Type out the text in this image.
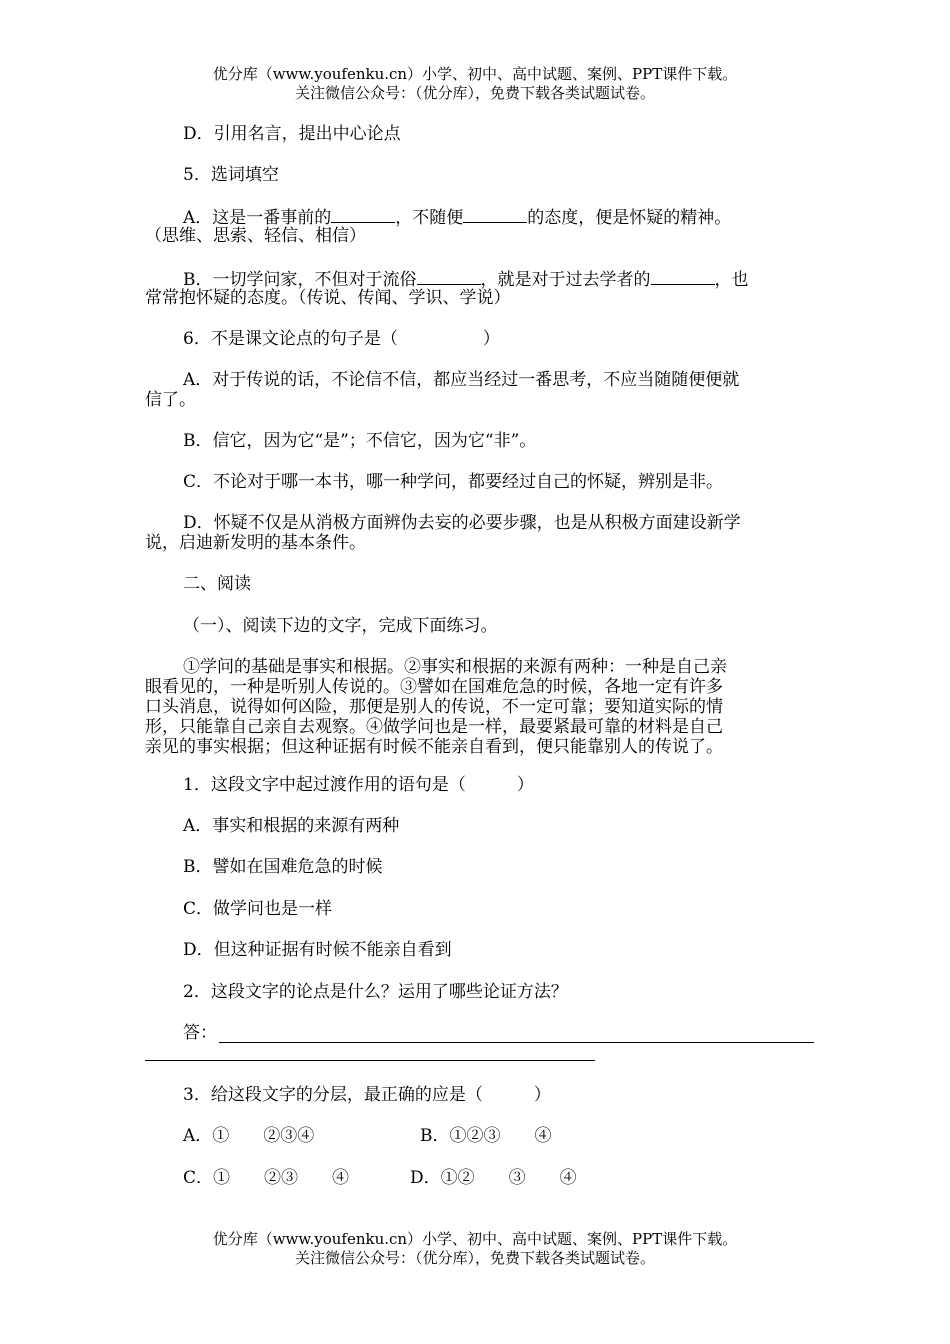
优分库（www.youfenku.cn）小学、初中、高中试题、案例、PPT课件下载。
关注微信公众号：（优分库），免费下载各类试题试卷。
D．引用名言，提出中心论点
5．选词填空
A．这是一番事前的	，不随便	的态度，便是怀疑的精神。
（思维、思索、轻信、相信）
B．一切学问家，不但对于流俗	，就是对于过去学者的	，也
常常抱怀疑的态度。（传说、传闻、学识、学说）
6．不是课文论点的句子是（　　　　　）
A．对于传说的话，不论信不信，都应当经过一番思考，不应当随随便便就
信了。
B．信它，因为它“是”；不信它，因为它“非”。
C．不论对于哪一本书，哪一种学问，都要经过自己的怀疑，辨别是非。
D．怀疑不仅是从消极方面辨伪去妄的必要步骤，也是从积极方面建设新学
说，启迪新发明的基本条件。
二、阅读
（一）、阅读下边的文字，完成下面练习。
①学问的基础是事实和根据。②事实和根据的来源有两种：一种是自己亲
眼看见的，一种是听别人传说的。③譬如在国难危急的时候，各地一定有许多
口头消息，说得如何凶险，那便是别人的传说，不一定可靠；要知道实际的情
形，只能靠自己亲自去观察。④做学问也是一样，最要紧最可靠的材料是自己
亲见的事实根据；但这种证据有时候不能亲自看到，便只能靠别人的传说了。
1．这段文字中起过渡作用的语句是（　　　）
A．事实和根据的来源有两种
B．譬如在国难危急的时候
C．做学问也是一样
D．但这种证据有时候不能亲自看到
2．这段文字的论点是什么？运用了哪些论证方法？
答：
3．给这段文字的分层，最正确的应是（　　　）
A．①　　②③④	B．①②③　　④
C．①　　②③　　④	D．①②　　③　　④
优分库（www.youfenku.cn）小学、初中、高中试题、案例、PPT课件下载。
关注微信公众号：（优分库），免费下载各类试题试卷。
